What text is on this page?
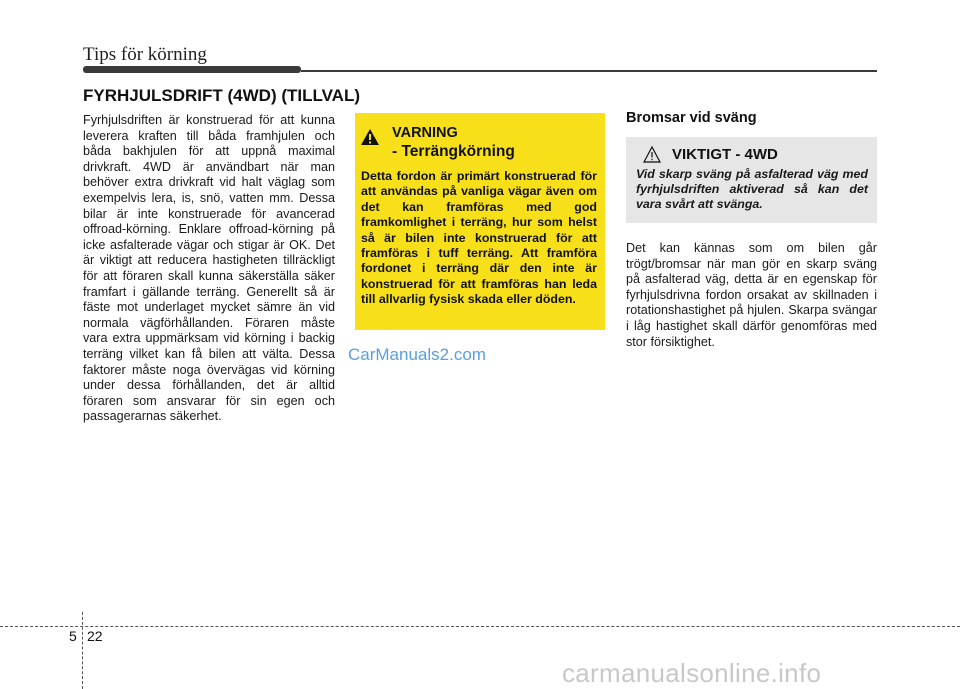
Tips för körning
FYRHJULSDRIFT (4WD) (TILLVAL)
Fyrhjulsdriften är konstruerad för att kunna leverera kraften till båda framhjulen och båda bakhjulen för att uppnå maximal drivkraft. 4WD är användbart när man behöver extra drivkraft vid halt väglag som exempelvis lera, is, snö, vatten mm. Dessa bilar är inte konstruerade för avancerad offroad-körning. Enklare offroad-körning på icke asfalterade vägar och stigar är OK. Det är viktigt att reducera hastigheten tillräckligt för att föraren skall kunna säkerställa säker framfart i gällande terräng. Generellt så är fäste mot underlaget mycket sämre än vid normala vägförhållanden. Föraren måste vara extra uppmärksam vid körning i backig terräng vilket kan få bilen att välta. Dessa faktorer måste noga övervägas vid körning under dessa förhållanden, det är alltid föraren som ansvarar för sin egen och passagerarnas säkerhet.
VARNING
- Terrängkörning
Detta fordon är primärt konstruerad för att användas på vanliga vägar även om det kan framföras med god framkomlighet i terräng, hur som helst så är bilen inte konstruerad för att framföras i tuff terräng. Att framföra fordonet i terräng där den inte är konstruerad för att framföras han leda till allvarlig fysisk skada eller döden.
Bromsar vid sväng
VIKTIGT - 4WD
Vid skarp sväng på asfalterad väg med fyrhjulsdriften aktiverad så kan det vara svårt att svänga.
Det kan kännas som om bilen går trögt/bromsar när man gör en skarp sväng på asfalterad väg, detta är en egenskap för fyrhjulsdrivna fordon orsakat av skillnaden i rotationshastighet på hjulen. Skarpa svängar i låg hastighet skall därför genomföras med stor försiktighet.
CarManuals2.com
5 22
carmanualsonline.info
